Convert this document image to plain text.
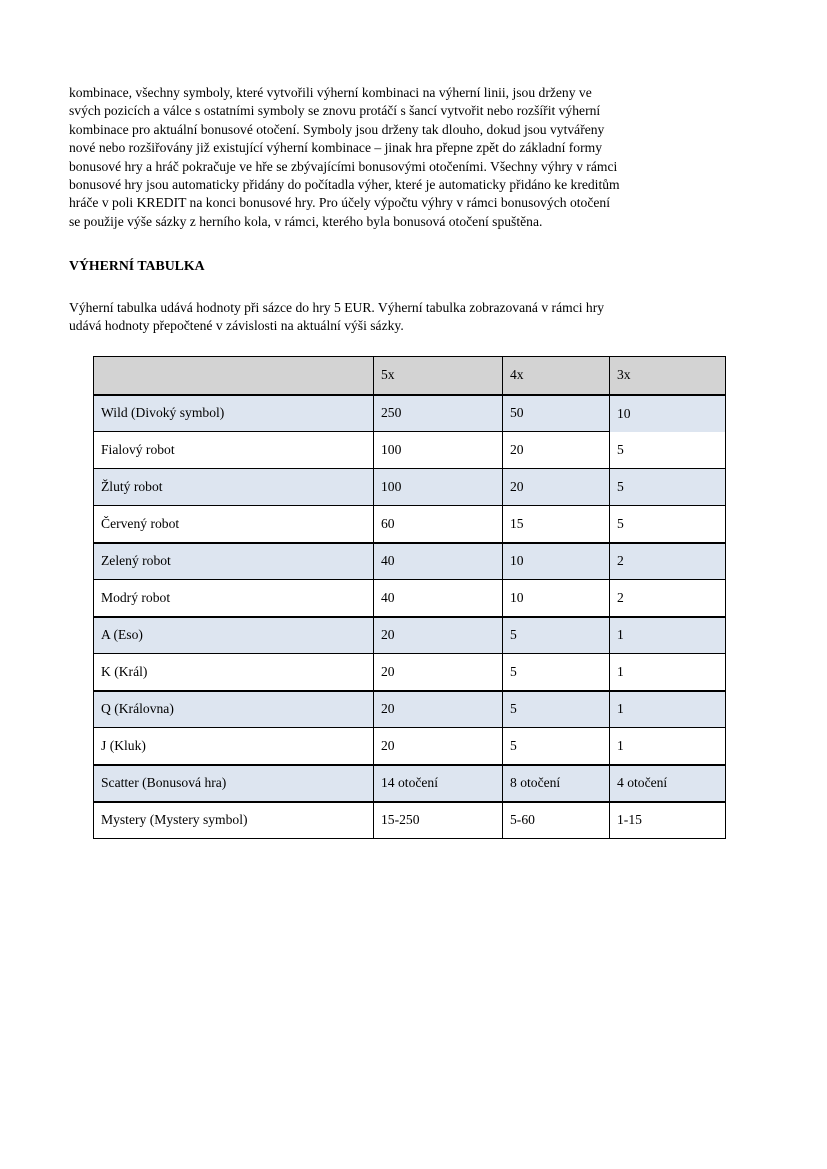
kombinace, všechny symboly, které vytvořili výherní kombinaci na výherní linii, jsou drženy ve
svých pozicích a válce s ostatními symboly se znovu protáčí s šancí vytvořit nebo rozšířit výherní
kombinace pro aktuální bonusové otočení. Symboly jsou drženy tak dlouho, dokud jsou vytvářeny
nové nebo rozšiřovány již existující výherní kombinace – jinak hra přepne zpět do základní formy
bonusové hry a hráč pokračuje ve hře se zbývajícími bonusovými otočeními. Všechny výhry v rámci
bonusové hry jsou automaticky přidány do počítadla výher, které je automaticky přidáno ke kreditům
hráče v poli KREDIT na konci bonusové hry. Pro účely výpočtu výhry v rámci bonusových otočení
se použije výše sázky z herního kola, v rámci, kterého byla bonusová otočení spuštěna.
VÝHERNÍ TABULKA
Výherní tabulka udává hodnoty při sázce do hry 5 EUR. Výherní tabulka zobrazovaná v rámci hry
udává hodnoty přepočtené v závislosti na aktuální výši sázky.
	5x	4x	3x
Wild (Divoký symbol)	250	50	10
Fialový robot	100	20	5
Žlutý robot	100	20	5
Červený robot	60	15	5
Zelený robot	40	10	2
Modrý robot	40	10	2
A (Eso)	20	5	1
K (Král)	20	5	1
Q (Královna)	20	5	1
J (Kluk)	20	5	1
Scatter (Bonusová hra)	14 otočení	8 otočení	4 otočení
Mystery (Mystery symbol)	15-250	5-60	1-15
